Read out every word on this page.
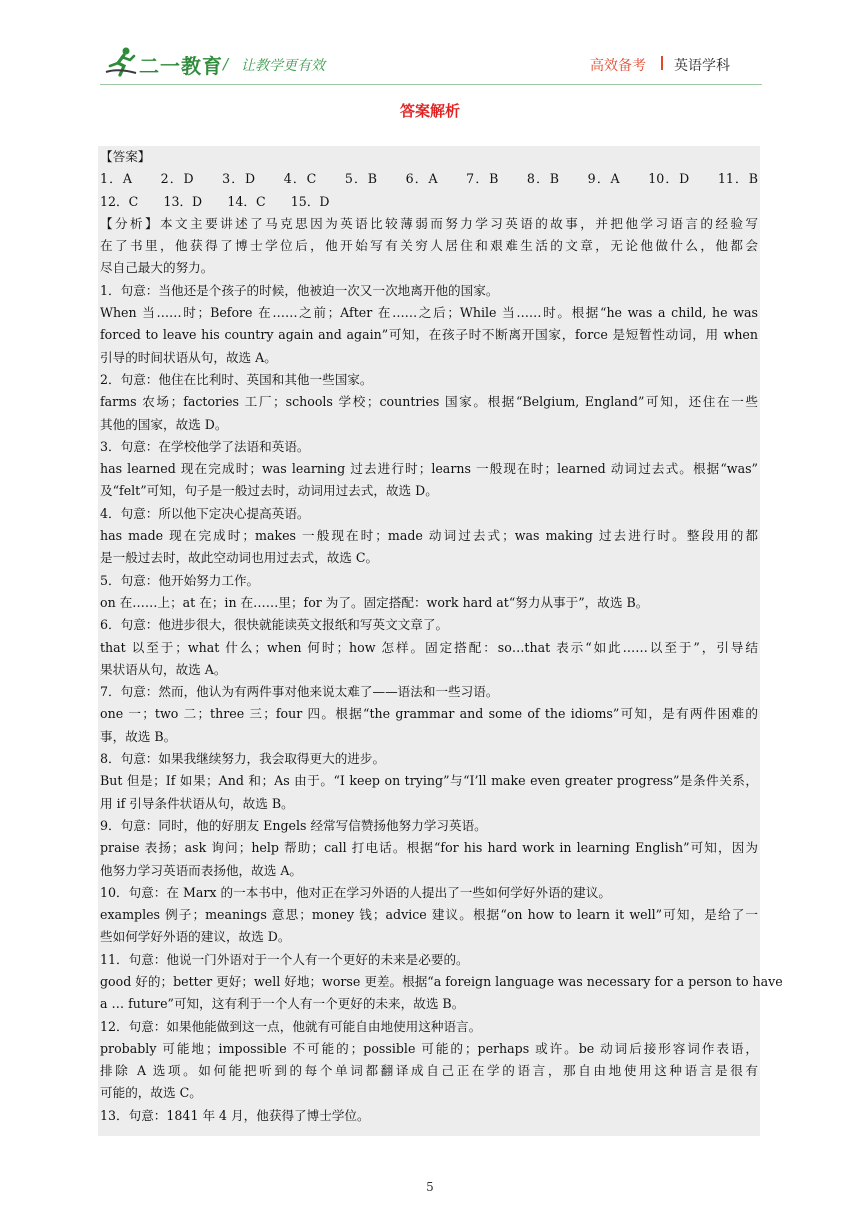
二一教育 / 让教学更有效	高效备考 英语学科
答案解析
【答案】
1．A　　2．D　　3．D　　4．C　　5．B　　6．A　　7．B　　8．B　　9．A　　10．D　　11．B
12．C　　13．D　　14．C　　15．D
【分析】本文主要讲述了马克思因为英语比较薄弱而努力学习英语的故事，并把他学习语言的经验写
在了书里，他获得了博士学位后，他开始写有关穷人居住和艰难生活的文章，无论他做什么，他都会
尽自己最大的努力。
1．句意：当他还是个孩子的时候，他被迫一次又一次地离开他的国家。
When 当……时；Before 在……之前；After 在……之后；While 当……时。根据“he was a child, he was
forced to leave his country again and again”可知，在孩子时不断离开国家，force 是短暂性动词，用 when
引导的时间状语从句，故选 A。
2．句意：他住在比利时、英国和其他一些国家。
farms 农场；factories 工厂；schools 学校；countries 国家。根据“Belgium, England”可知，还住在一些
其他的国家，故选 D。
3．句意：在学校他学了法语和英语。
has learned 现在完成时；was learning 过去进行时；learns 一般现在时；learned 动词过去式。根据“was”
及“felt”可知，句子是一般过去时，动词用过去式，故选 D。
4．句意：所以他下定决心提高英语。
has made 现在完成时；makes 一般现在时；made 动词过去式；was making 过去进行时。整段用的都
是一般过去时，故此空动词也用过去式，故选 C。
5．句意：他开始努力工作。
on 在……上；at 在；in 在……里；for 为了。固定搭配：work hard at“努力从事于”，故选 B。
6．句意：他进步很大，很快就能读英文报纸和写英文文章了。
that 以至于；what 什么；when 何时；how 怎样。固定搭配：so…that 表示“如此……以至于”，引导结
果状语从句，故选 A。
7．句意：然而，他认为有两件事对他来说太难了——语法和一些习语。
one 一；two 二；three 三；four 四。根据“the grammar and some of the idioms”可知，是有两件困难的
事，故选 B。
8．句意：如果我继续努力，我会取得更大的进步。
But 但是；If 如果；And 和；As 由于。“I keep on trying”与“I’ll make even greater progress”是条件关系，
用 if 引导条件状语从句，故选 B。
9．句意：同时，他的好朋友 Engels 经常写信赞扬他努力学习英语。
praise 表扬；ask 询问；help 帮助；call 打电话。根据“for his hard work in learning English”可知，因为
他努力学习英语而表扬他，故选 A。
10．句意：在 Marx 的一本书中，他对正在学习外语的人提出了一些如何学好外语的建议。
examples 例子；meanings 意思；money 钱；advice 建议。根据“on how to learn it well”可知，是给了一
些如何学好外语的建议，故选 D。
11．句意：他说一门外语对于一个人有一个更好的未来是必要的。
good 好的；better 更好；well 好地；worse 更差。根据“a foreign language was necessary for a person to have
a … future”可知，这有利于一个人有一个更好的未来，故选 B。
12．句意：如果他能做到这一点，他就有可能自由地使用这种语言。
probably 可能地；impossible 不可能的；possible 可能的；perhaps 或许。be 动词后接形容词作表语，
排除 A 选项。如何能把听到的每个单词都翻译成自己正在学的语言，那自由地使用这种语言是很有
可能的，故选 C。
13．句意：1841 年 4 月，他获得了博士学位。
5
